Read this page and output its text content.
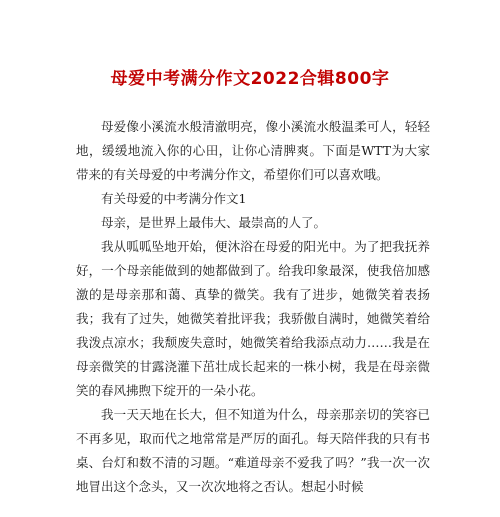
母爱中考满分作文2022合辑800字

母爱像小溪流水般清澈明亮，像小溪流水般温柔可人，轻轻地，缓缓地流入你的心田，让你心清脾爽。下面是WTT为大家带来的有关母爱的中考满分作文，希望你们可以喜欢哦。

有关母爱的中考满分作文1

母亲，是世界上最伟大、最崇高的人了。

我从呱呱坠地开始，便沐浴在母爱的阳光中。为了把我抚养好，一个母亲能做到的她都做到了。给我印象最深，使我倍加感激的是母亲那和蔼、真挚的微笑。我有了进步，她微笑着表扬我；我有了过失，她微笑着批评我；我骄傲自满时，她微笑着给我泼点凉水；我颓废失意时，她微笑着给我添点动力……我是在母亲微笑的甘露浇灌下茁壮成长起来的一株小树，我是在母亲微笑的春风拂煦下绽开的一朵小花。

我一天天地在长大，但不知道为什么，母亲那亲切的笑容已不再多见，取而代之地常常是严厉的面孔。每天陪伴我的只有书桌、台灯和数不清的习题。“难道母亲不爱我了吗？”我一次一次地冒出这个念头，又一次次地将之否认。想起小时候
